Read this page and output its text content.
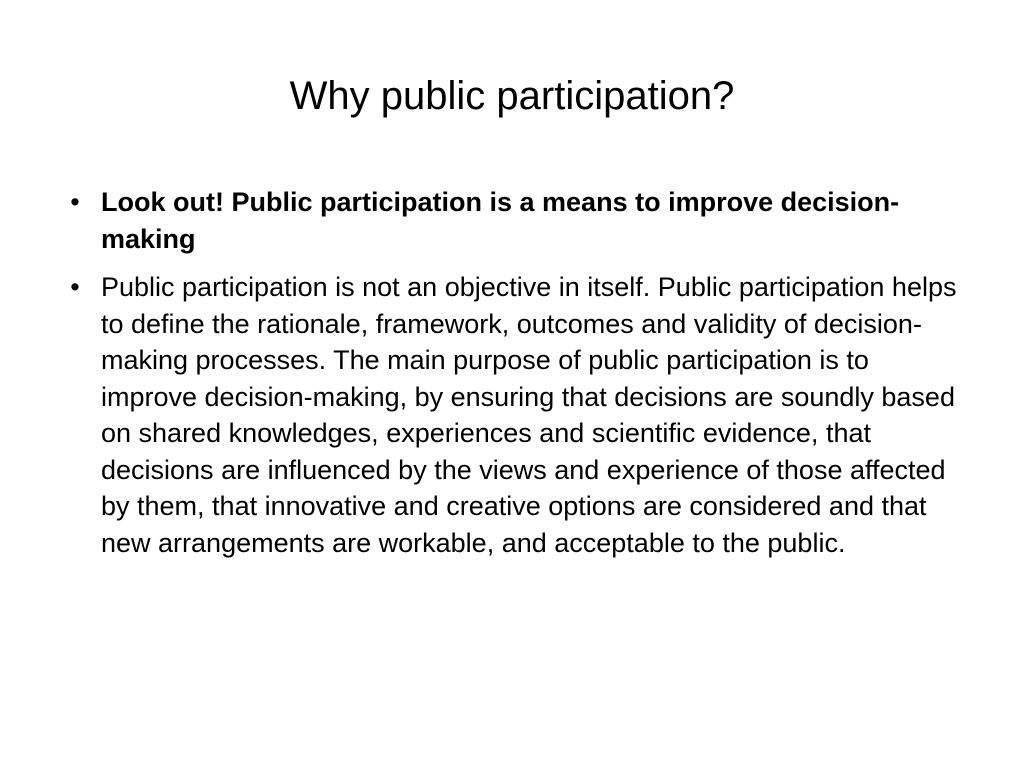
Why public participation?
• Look out! Public participation is a means to improve decision-making
• Public participation is not an objective in itself. Public participation helps to define the rationale, framework, outcomes and validity of decision-making processes. The main purpose of public participation is to improve decision-making, by ensuring that decisions are soundly based on shared knowledges, experiences and scientific evidence, that decisions are influenced by the views and experience of those affected by them, that innovative and creative options are considered and that new arrangements are workable, and acceptable to the public.
